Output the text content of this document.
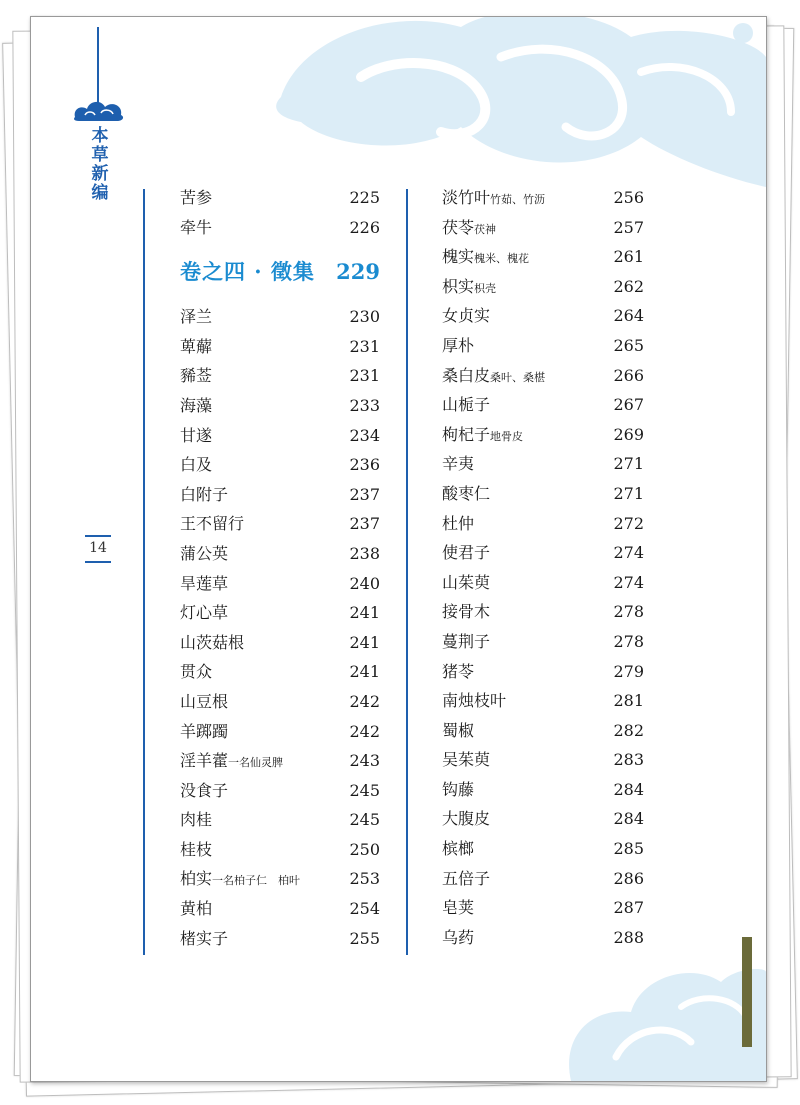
本草新编
14
苦参	225
牵牛	226
卷之四 · 徵集 229
泽兰	230
萆薢	231
豨莶	231
海藻	233
甘遂	234
白及	236
白附子	237
王不留行	237
蒲公英	238
旱莲草	240
灯心草	241
山茨菇根	241
贯众	241
山豆根	242
羊踯躅	242
淫羊藿一名仙灵脾	243
没食子	245
肉桂	245
桂枝	250
柏实一名柏子仁　柏叶	253
黄柏	254
楮实子	255
淡竹叶竹茹、竹沥	256
茯苓茯神	257
槐实槐米、槐花	261
枳实枳壳	262
女贞实	264
厚朴	265
桑白皮桑叶、桑椹	266
山栀子	267
枸杞子地骨皮	269
辛夷	271
酸枣仁	271
杜仲	272
使君子	274
山茱萸	274
接骨木	278
蔓荆子	278
猪苓	279
南烛枝叶	281
蜀椒	282
吴茱萸	283
钩藤	284
大腹皮	284
槟榔	285
五倍子	286
皂荚	287
乌药	288
